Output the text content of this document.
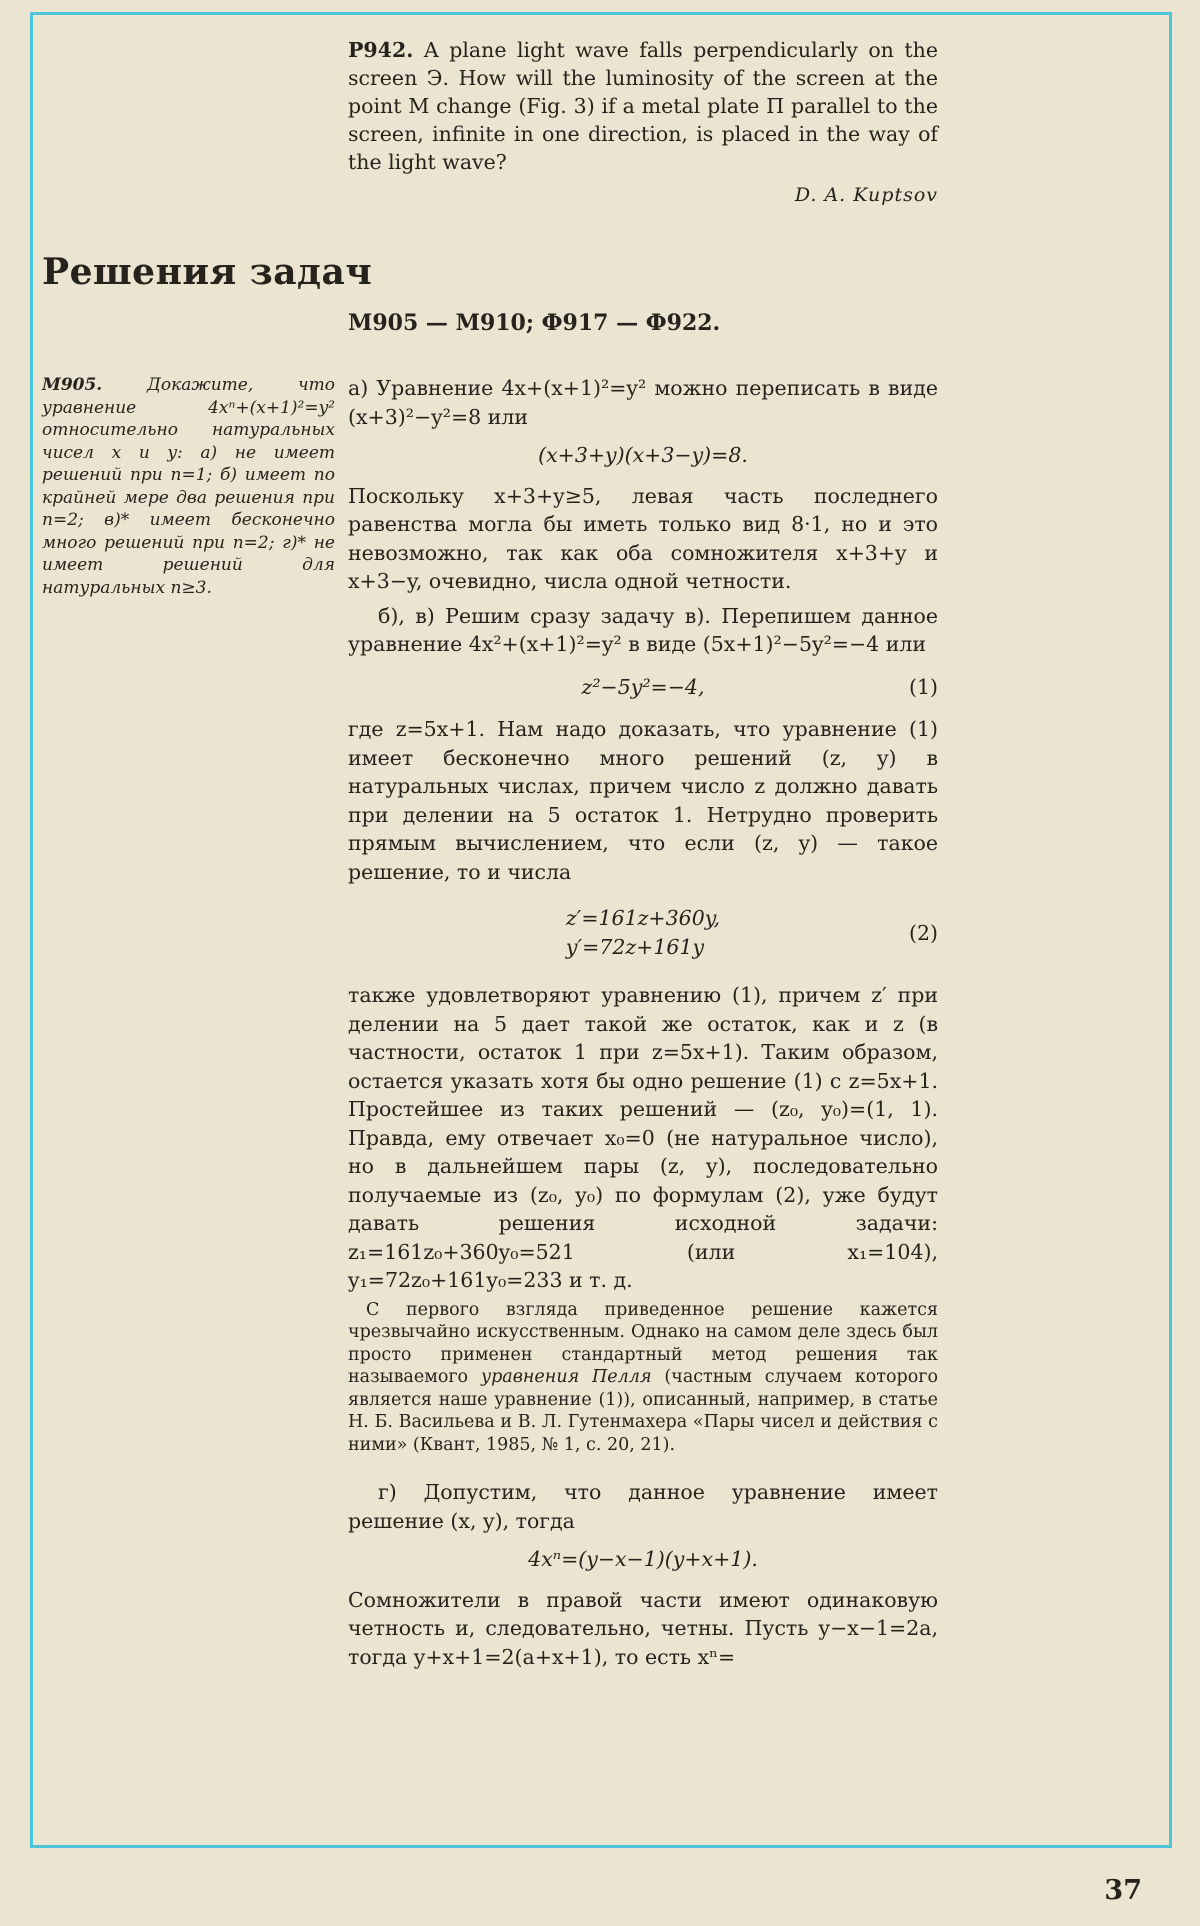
Р942. A plane light wave falls perpendicularly on the screen Э. How will the luminosity of the screen at the point M change (Fig. 3) if a metal plate П parallel to the screen, infinite in one direction, is placed in the way of the light wave?

D. A. Kuptsov

Решения задач

М905 — М910; Ф917 — Ф922.

М905.	Докажите, что уравнение 4xⁿ+(x+1)²=y² относительно натуральных чисел x и y: а) не имеет решений при n=1; б) имеет по крайней мере два решения при n=2; в)* имеет бесконечно много решений при n=2; г)* не имеет решений для натуральных n≥3.

а) Уравнение 4x+(x+1)²=y² можно переписать в виде (x+3)²−y²=8 или

(x+3+y)(x+3−y)=8.

Поскольку x+3+y≥5, левая часть последнего равенства могла бы иметь только вид 8·1, но и это невозможно, так как оба сомножителя x+3+y и x+3−y, очевидно, числа одной четности.

б), в) Решим сразу задачу в). Перепишем данное уравнение 4x²+(x+1)²=y² в виде (5x+1)²−5y²=−4 или

z²−5y²=−4,	(1)

где z=5x+1. Нам надо доказать, что уравнение (1) имеет бесконечно много решений (z, y) в натуральных числах, причем число z должно давать при делении на 5 остаток 1. Нетрудно проверить прямым вычислением, что если (z, y) — такое решение, то и числа

z′=161z+360y,

y′=72z+161y

(2)

также удовлетворяют уравнению (1), причем z′ при делении на 5 дает такой же остаток, как и z (в частности, остаток 1 при z=5x+1). Таким образом, остается указать хотя бы одно решение (1) с z=5x+1. Простейшее из таких решений — (z₀, y₀)=(1, 1). Правда, ему отвечает x₀=0 (не натуральное число), но в дальнейшем пары (z, y), последовательно получаемые из (z₀, y₀) по формулам (2), уже будут давать решения исходной задачи: z₁=161z₀+360y₀=521 (или x₁=104), y₁=72z₀+161y₀=233 и т. д.

С первого взгляда приведенное решение кажется чрезвычайно искусственным. Однако на самом деле здесь был просто применен стандартный метод решения так называемого уравнения Пелля (частным случаем которого является наше уравнение (1)), описанный, например, в статье Н. Б. Васильева и В. Л. Гутенмахера «Пары чисел и действия с ними» (Квант, 1985, № 1, с. 20, 21).

г) Допустим, что данное уравнение имеет решение (x, y), тогда

4xⁿ=(y−x−1)(y+x+1).

Сомножители в правой части имеют одинаковую четность и, следовательно, четны. Пусть y−x−1=2a, тогда y+x+1=2(a+x+1), то есть xⁿ=

37
